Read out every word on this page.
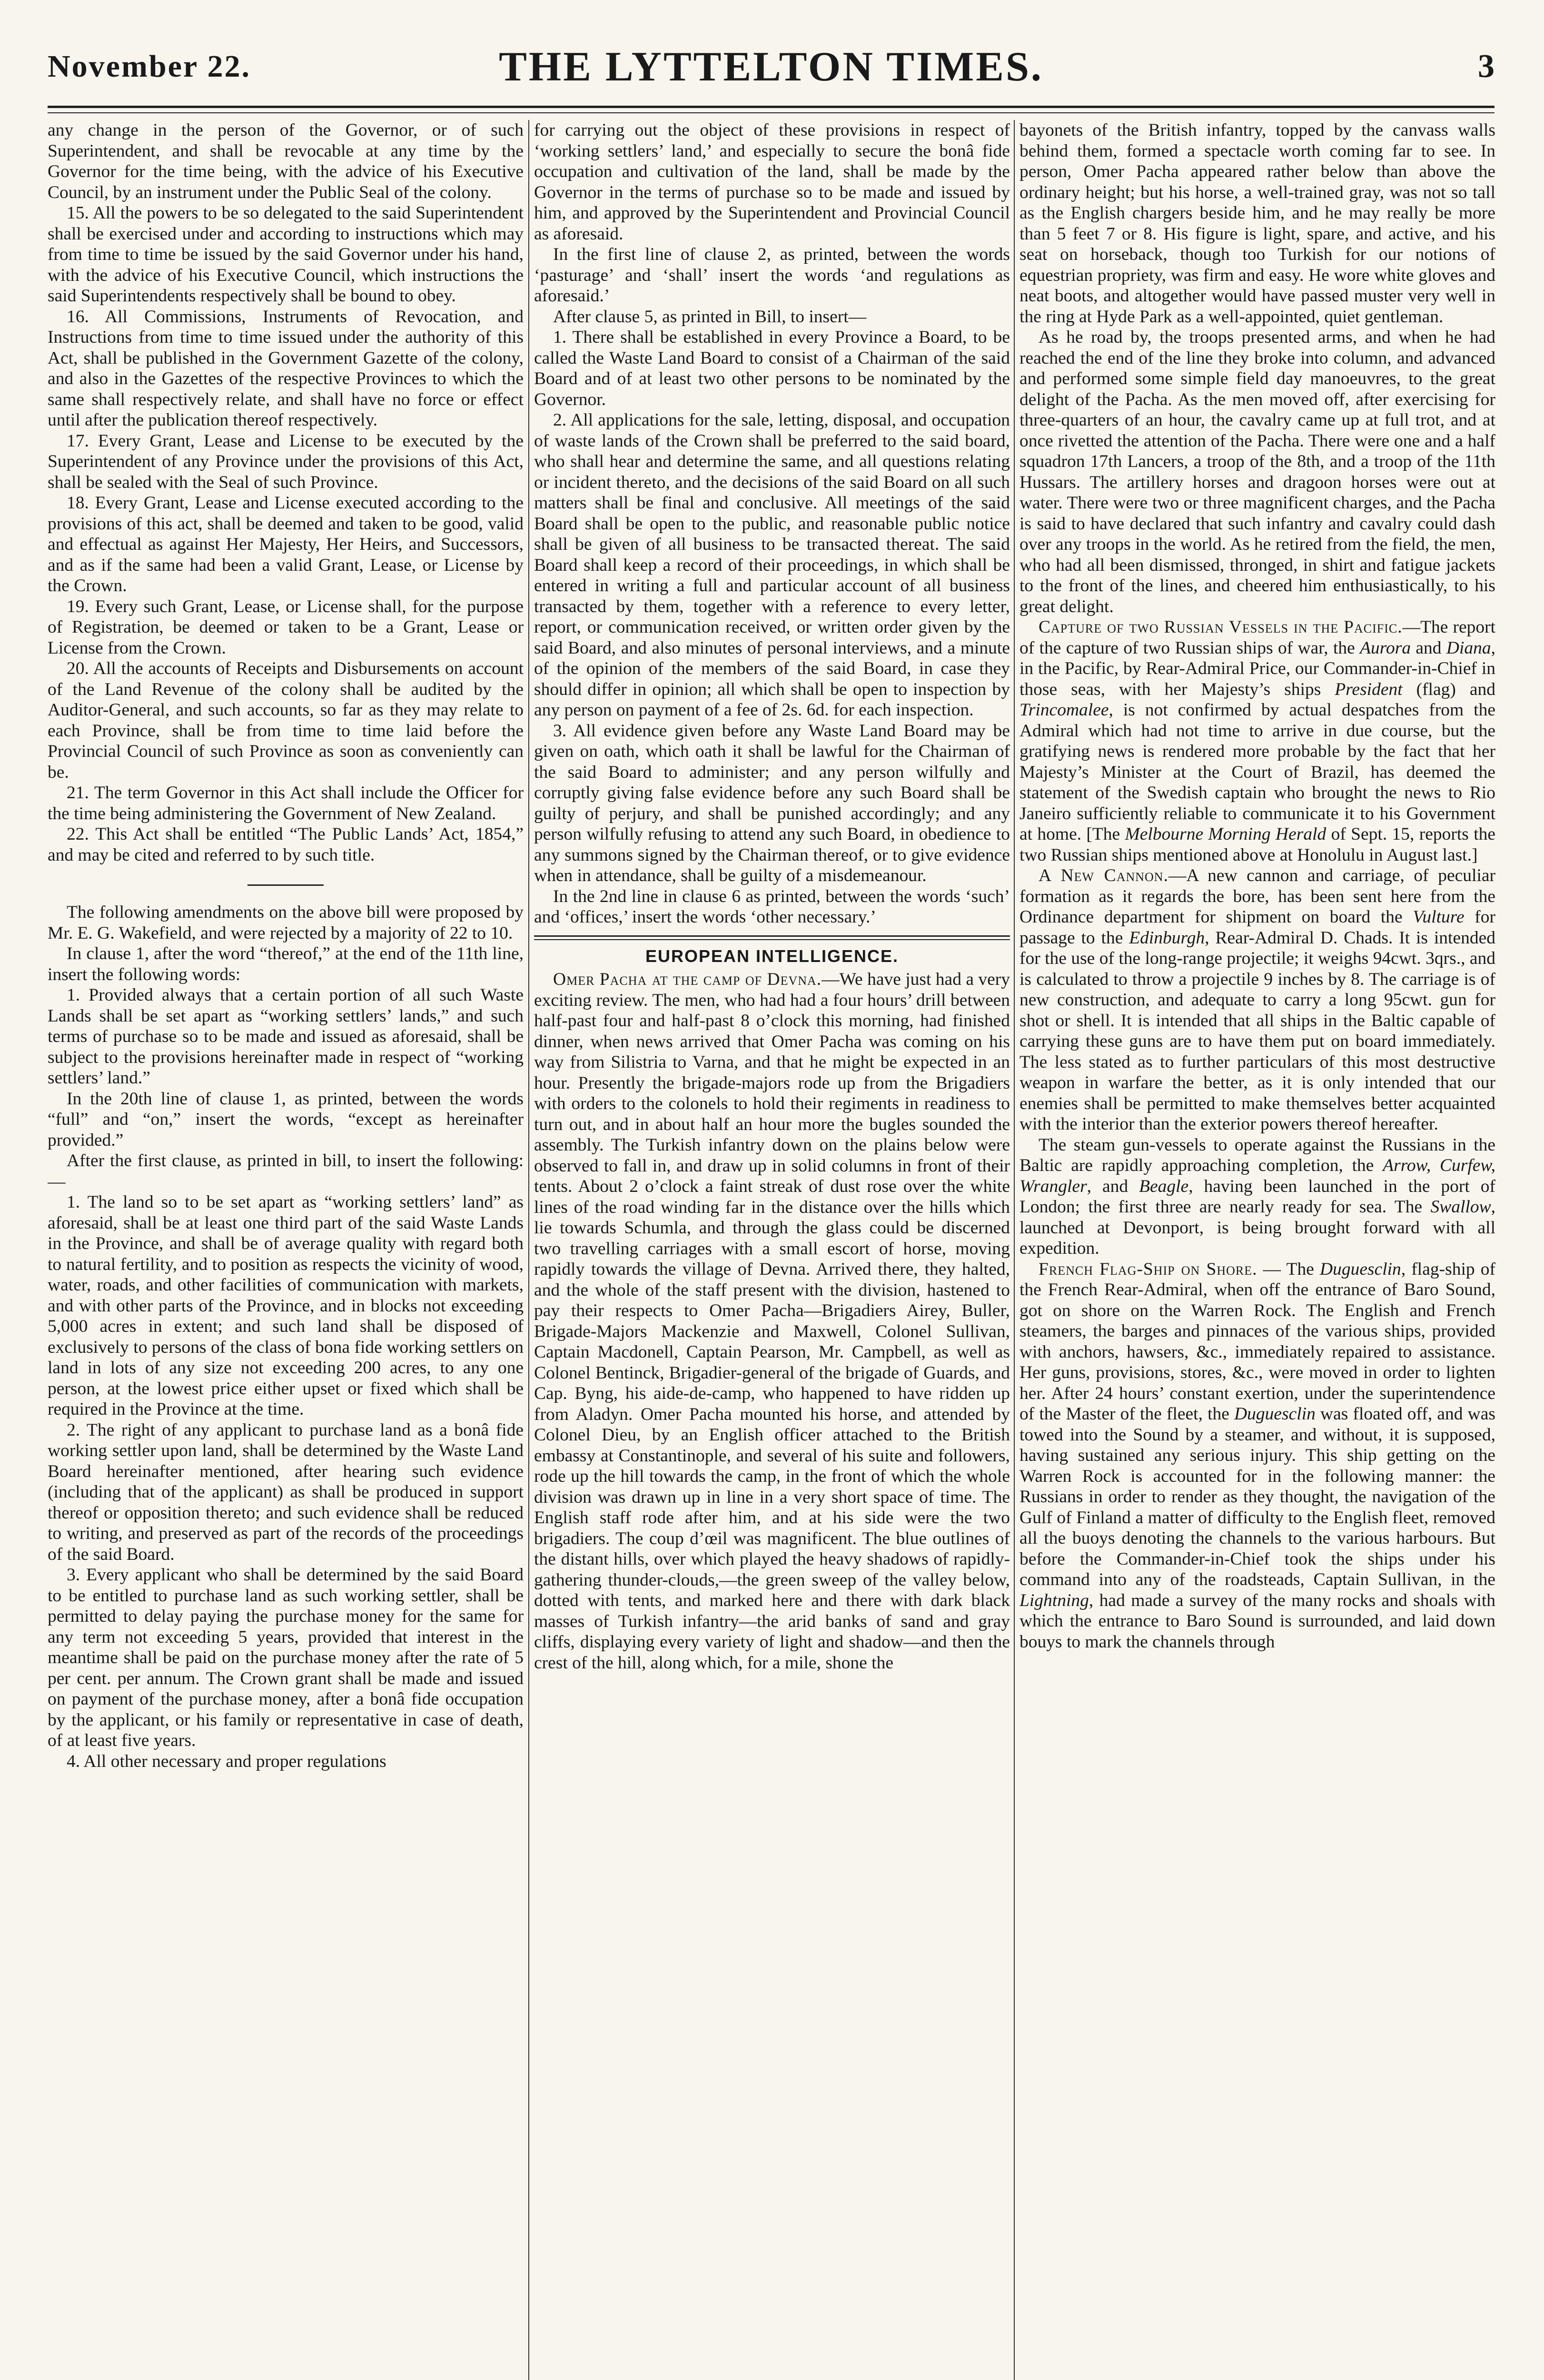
November 22.	THE LYTTELTON TIMES.	3

any change in the person of the Governor, or of such Superintendent, and shall be revocable at any time by the Governor for the time being, with the advice of his Executive Council, by an instrument under the Public Seal of the colony.

15. All the powers to be so delegated to the said Superintendent shall be exercised under and according to instructions which may from time to time be issued by the said Governor under his hand, with the advice of his Executive Council, which instructions the said Superintendents respectively shall be bound to obey.

16. All Commissions, Instruments of Revocation, and Instructions from time to time issued under the authority of this Act, shall be published in the Government Gazette of the colony, and also in the Gazettes of the respective Provinces to which the same shall respectively relate, and shall have no force or effect until after the publication thereof respectively.

17. Every Grant, Lease and License to be executed by the Superintendent of any Province under the provisions of this Act, shall be sealed with the Seal of such Province.

18. Every Grant, Lease and License executed according to the provisions of this act, shall be deemed and taken to be good, valid and effectual as against Her Majesty, Her Heirs, and Successors, and as if the same had been a valid Grant, Lease, or License by the Crown.

19. Every such Grant, Lease, or License shall, for the purpose of Registration, be deemed or taken to be a Grant, Lease or License from the Crown.

20. All the accounts of Receipts and Disbursements on account of the Land Revenue of the colony shall be audited by the Auditor-General, and such accounts, so far as they may relate to each Province, shall be from time to time laid before the Provincial Council of such Province as soon as conveniently can be.

21. The term Governor in this Act shall include the Officer for the time being administering the Government of New Zealand.

22. This Act shall be entitled “The Public Lands’ Act, 1854,” and may be cited and referred to by such title.

The following amendments on the above bill were proposed by Mr. E. G. Wakefield, and were rejected by a majority of 22 to 10.

In clause 1, after the word “thereof,” at the end of the 11th line, insert the following words:

1. Provided always that a certain portion of all such Waste Lands shall be set apart as “working settlers’ lands,” and such terms of purchase so to be made and issued as aforesaid, shall be subject to the provisions hereinafter made in respect of “working settlers’ land.”

In the 20th line of clause 1, as printed, between the words “full” and “on,” insert the words, “except as hereinafter provided.”

After the first clause, as printed in bill, to insert the following:—

1. The land so to be set apart as “working settlers’ land” as aforesaid, shall be at least one third part of the said Waste Lands in the Province, and shall be of average quality with regard both to natural fertility, and to position as respects the vicinity of wood, water, roads, and other facilities of communication with markets, and with other parts of the Province, and in blocks not exceeding 5,000 acres in extent; and such land shall be disposed of exclusively to persons of the class of bona fide working settlers on land in lots of any size not exceeding 200 acres, to any one person, at the lowest price either upset or fixed which shall be required in the Province at the time.

2. The right of any applicant to purchase land as a bonâ fide working settler upon land, shall be determined by the Waste Land Board hereinafter mentioned, after hearing such evidence (including that of the applicant) as shall be produced in support thereof or opposition thereto; and such evidence shall be reduced to writing, and preserved as part of the records of the proceedings of the said Board.

3. Every applicant who shall be determined by the said Board to be entitled to purchase land as such working settler, shall be permitted to delay paying the purchase money for the same for any term not exceeding 5 years, provided that interest in the meantime shall be paid on the purchase money after the rate of 5 per cent. per annum. The Crown grant shall be made and issued on payment of the purchase money, after a bonâ fide occupation by the applicant, or his family or representative in case of death, of at least five years.

4. All other necessary and proper regulations

for carrying out the object of these provisions in respect of ‘working settlers’ land,’ and especially to secure the bonâ fide occupation and cultivation of the land, shall be made by the Governor in the terms of purchase so to be made and issued by him, and approved by the Superintendent and Provincial Council as aforesaid.

In the first line of clause 2, as printed, between the words ‘pasturage’ and ‘shall’ insert the words ‘and regulations as aforesaid.’

After clause 5, as printed in Bill, to insert—

1. There shall be established in every Province a Board, to be called the Waste Land Board to consist of a Chairman of the said Board and of at least two other persons to be nominated by the Governor.

2. All applications for the sale, letting, disposal, and occupation of waste lands of the Crown shall be preferred to the said board, who shall hear and determine the same, and all questions relating or incident thereto, and the decisions of the said Board on all such matters shall be final and conclusive. All meetings of the said Board shall be open to the public, and reasonable public notice shall be given of all business to be transacted thereat. The said Board shall keep a record of their proceedings, in which shall be entered in writing a full and particular account of all business transacted by them, together with a reference to every letter, report, or communication received, or written order given by the said Board, and also minutes of personal interviews, and a minute of the opinion of the members of the said Board, in case they should differ in opinion; all which shall be open to inspection by any person on payment of a fee of 2s. 6d. for each inspection.

3. All evidence given before any Waste Land Board may be given on oath, which oath it shall be lawful for the Chairman of the said Board to administer; and any person wilfully and corruptly giving false evidence before any such Board shall be guilty of perjury, and shall be punished accordingly; and any person wilfully refusing to attend any such Board, in obedience to any summons signed by the Chairman thereof, or to give evidence when in attendance, shall be guilty of a misdemeanour.

In the 2nd line in clause 6 as printed, between the words ‘such’ and ‘offices,’ insert the words ‘other necessary.’

EUROPEAN INTELLIGENCE.

Omer Pacha at the camp of Devna.—We have just had a very exciting review. The men, who had had a four hours’ drill between half-past four and half-past 8 o’clock this morning, had finished dinner, when news arrived that Omer Pacha was coming on his way from Silistria to Varna, and that he might be expected in an hour. Presently the brigade-majors rode up from the Brigadiers with orders to the colonels to hold their regiments in readiness to turn out, and in about half an hour more the bugles sounded the assembly. The Turkish infantry down on the plains below were observed to fall in, and draw up in solid columns in front of their tents. About 2 o’clock a faint streak of dust rose over the white lines of the road winding far in the distance over the hills which lie towards Schumla, and through the glass could be discerned two travelling carriages with a small escort of horse, moving rapidly towards the village of Devna. Arrived there, they halted, and the whole of the staff present with the division, hastened to pay their respects to Omer Pacha—Brigadiers Airey, Buller, Brigade-Majors Mackenzie and Maxwell, Colonel Sullivan, Captain Macdonell, Captain Pearson, Mr. Campbell, as well as Colonel Bentinck, Brigadier-general of the brigade of Guards, and Cap. Byng, his aide-de-camp, who happened to have ridden up from Aladyn. Omer Pacha mounted his horse, and attended by Colonel Dieu, by an English officer attached to the British embassy at Constantinople, and several of his suite and followers, rode up the hill towards the camp, in the front of which the whole division was drawn up in line in a very short space of time. The English staff rode after him, and at his side were the two brigadiers. The coup d’œil was magnificent. The blue outlines of the distant hills, over which played the heavy shadows of rapidly-gathering thunder-clouds,—the green sweep of the valley below, dotted with tents, and marked here and there with dark black masses of Turkish infantry—the arid banks of sand and gray cliffs, displaying every variety of light and shadow—and then the crest of the hill, along which, for a mile, shone the

bayonets of the British infantry, topped by the canvass walls behind them, formed a spectacle worth coming far to see. In person, Omer Pacha appeared rather below than above the ordinary height; but his horse, a well-trained gray, was not so tall as the English chargers beside him, and he may really be more than 5 feet 7 or 8. His figure is light, spare, and active, and his seat on horseback, though too Turkish for our notions of equestrian propriety, was firm and easy. He wore white gloves and neat boots, and altogether would have passed muster very well in the ring at Hyde Park as a well-appointed, quiet gentleman.

As he road by, the troops presented arms, and when he had reached the end of the line they broke into column, and advanced and performed some simple field day manoeuvres, to the great delight of the Pacha. As the men moved off, after exercising for three-quarters of an hour, the cavalry came up at full trot, and at once rivetted the attention of the Pacha. There were one and a half squadron 17th Lancers, a troop of the 8th, and a troop of the 11th Hussars. The artillery horses and dragoon horses were out at water. There were two or three magnificent charges, and the Pacha is said to have declared that such infantry and cavalry could dash over any troops in the world. As he retired from the field, the men, who had all been dismissed, thronged, in shirt and fatigue jackets to the front of the lines, and cheered him enthusiastically, to his great delight.

Capture of two Russian Vessels in the Pacific.—The report of the capture of two Russian ships of war, the Aurora and Diana, in the Pacific, by Rear-Admiral Price, our Commander-in-Chief in those seas, with her Majesty’s ships President (flag) and Trincomalee, is not confirmed by actual despatches from the Admiral which had not time to arrive in due course, but the gratifying news is rendered more probable by the fact that her Majesty’s Minister at the Court of Brazil, has deemed the statement of the Swedish captain who brought the news to Rio Janeiro sufficiently reliable to communicate it to his Government at home. [The Melbourne Morning Herald of Sept. 15, reports the two Russian ships mentioned above at Honolulu in August last.]

A New Cannon.—A new cannon and carriage, of peculiar formation as it regards the bore, has been sent here from the Ordinance department for shipment on board the Vulture for passage to the Edinburgh, Rear-Admiral D. Chads. It is intended for the use of the long-range projectile; it weighs 94cwt. 3qrs., and is calculated to throw a projectile 9 inches by 8. The carriage is of new construction, and adequate to carry a long 95cwt. gun for shot or shell. It is intended that all ships in the Baltic capable of carrying these guns are to have them put on board immediately. The less stated as to further particulars of this most destructive weapon in warfare the better, as it is only intended that our enemies shall be permitted to make themselves better acquainted with the interior than the exterior powers thereof hereafter.

The steam gun-vessels to operate against the Russians in the Baltic are rapidly approaching completion, the Arrow, Curfew, Wrangler, and Beagle, having been launched in the port of London; the first three are nearly ready for sea. The Swallow, launched at Devonport, is being brought forward with all expedition.

French Flag-Ship on Shore. — The Duguesclin, flag-ship of the French Rear-Admiral, when off the entrance of Baro Sound, got on shore on the Warren Rock. The English and French steamers, the barges and pinnaces of the various ships, provided with anchors, hawsers, &c., immediately repaired to assistance. Her guns, provisions, stores, &c., were moved in order to lighten her. After 24 hours’ constant exertion, under the superintendence of the Master of the fleet, the Duguesclin was floated off, and was towed into the Sound by a steamer, and without, it is supposed, having sustained any serious injury. This ship getting on the Warren Rock is accounted for in the following manner: the Russians in order to render as they thought, the navigation of the Gulf of Finland a matter of difficulty to the English fleet, removed all the buoys denoting the channels to the various harbours. But before the Commander-in-Chief took the ships under his command into any of the roadsteads, Captain Sullivan, in the Lightning, had made a survey of the many rocks and shoals with which the entrance to Baro Sound is surrounded, and laid down bouys to mark the channels through
